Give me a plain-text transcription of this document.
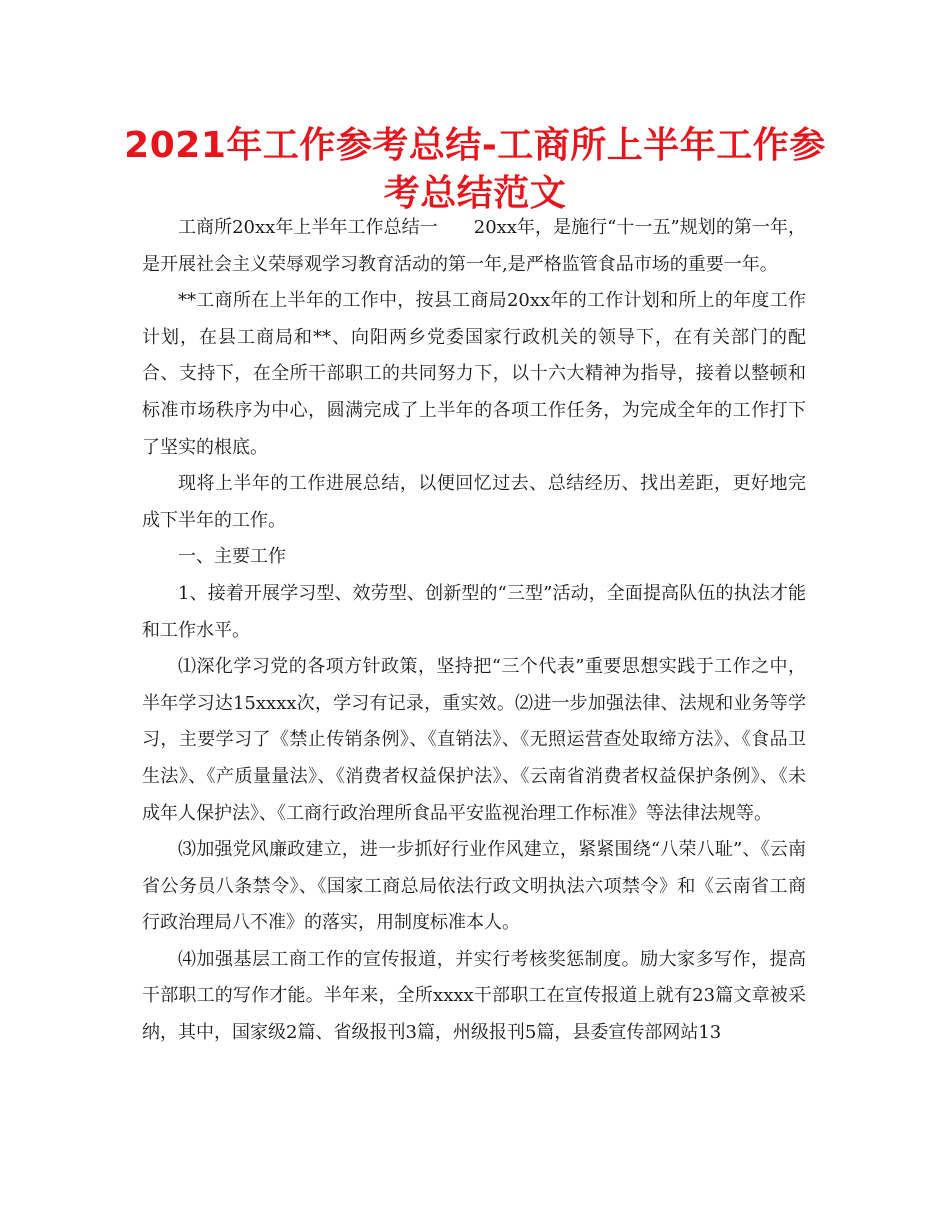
2021年工作参考总结-工商所上半年工作参考总结范文

工商所20xx年上半年工作总结一　　20xx年，是施行“十一五”规划的第一年，是开展社会主义荣辱观学习教育活动的第一年,是严格监管食品市场的重要一年。

**工商所在上半年的工作中，按县工商局20xx年的工作计划和所上的年度工作计划，在县工商局和**、向阳两乡党委国家行政机关的领导下，在有关部门的配合、支持下，在全所干部职工的共同努力下，以十六大精神为指导，接着以整顿和标准市场秩序为中心，圆满完成了上半年的各项工作任务，为完成全年的工作打下了坚实的根底。

现将上半年的工作进展总结，以便回忆过去、总结经历、找出差距，更好地完成下半年的工作。

一、主要工作

1、接着开展学习型、效劳型、创新型的“三型”活动，全面提高队伍的执法才能和工作水平。

⑴深化学习党的各项方针政策，坚持把“三个代表”重要思想实践于工作之中，半年学习达15xxxx次，学习有记录，重实效。⑵进一步加强法律、法规和业务等学习，主要学习了《禁止传销条例》、《直销法》、《无照运营查处取缔方法》、《食品卫生法》、《产质量量法》、《消费者权益保护法》、《云南省消费者权益保护条例》、《未成年人保护法》、《工商行政治理所食品平安监视治理工作标准》等法律法规等。

⑶加强党风廉政建立，进一步抓好行业作风建立，紧紧围绕“八荣八耻”、《云南省公务员八条禁令》、《国家工商总局依法行政文明执法六项禁令》和《云南省工商行政治理局八不准》的落实，用制度标准本人。

⑷加强基层工商工作的宣传报道，并实行考核奖惩制度。励大家多写作，提高干部职工的写作才能。半年来，全所xxxx干部职工在宣传报道上就有23篇文章被采纳，其中，国家级2篇、省级报刊3篇，州级报刊5篇，县委宣传部网站13
